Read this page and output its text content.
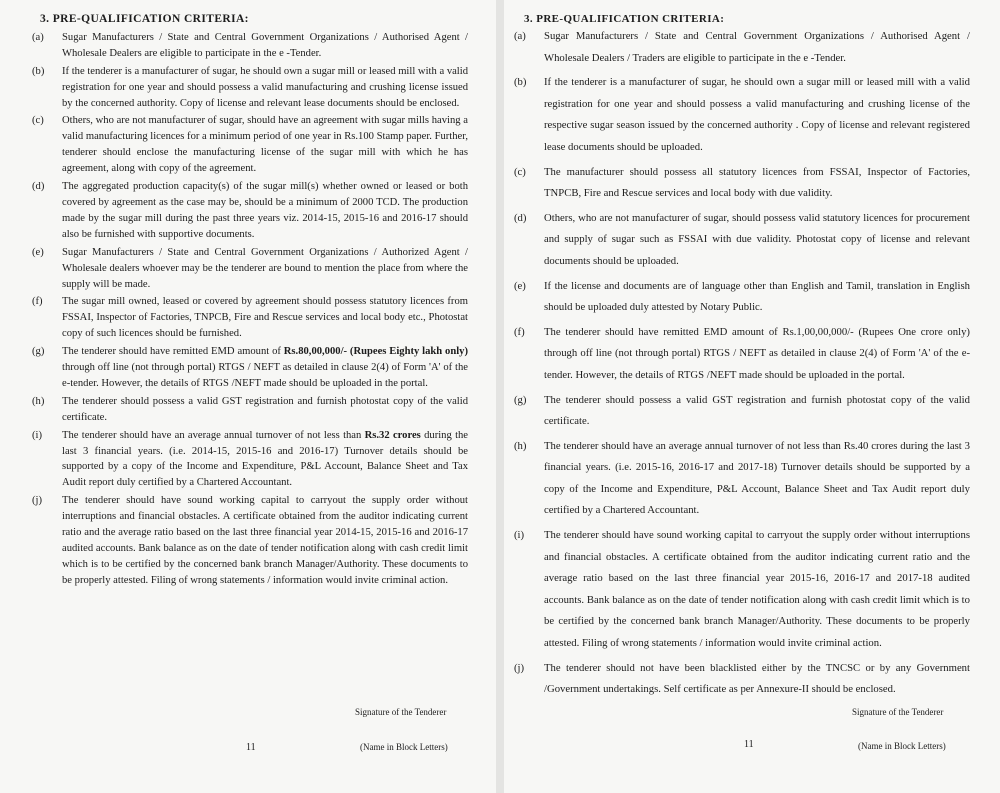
3. PRE-QUALIFICATION CRITERIA:
(a)	Sugar Manufacturers / State and Central Government Organizations / Authorised Agent / Wholesale Dealers are eligible to participate in the e -Tender.
(b)	If the tenderer is a manufacturer of sugar, he should own a sugar mill or leased mill with a valid registration for one year and should possess a valid manufacturing and crushing license issued by the concerned authority. Copy of license and relevant lease documents should be enclosed.
(c)	Others, who are not manufacturer of sugar, should have an agreement with sugar mills having a valid manufacturing licences for a minimum period of one year in Rs.100 Stamp paper. Further, tenderer should enclose the manufacturing license of the sugar mill with which he has agreement, along with copy of the agreement.
(d)	The aggregated production capacity(s) of the sugar mill(s) whether owned or leased or both covered by agreement as the case may be, should be a minimum of 2000 TCD. The production made by the sugar mill during the past three years viz. 2014-15, 2015-16 and 2016-17 should also be furnished with supportive documents.
(e)	Sugar Manufacturers / State and Central Government Organizations / Authorized Agent / Wholesale dealers whoever may be the tenderer are bound to mention the place from where the supply will be made.
(f)	The sugar mill owned, leased or covered by agreement should possess statutory licences from FSSAI, Inspector of Factories, TNPCB, Fire and Rescue services and local body etc., Photostat copy of such licences should be furnished.
(g)	The tenderer should have remitted EMD amount of Rs.80,00,000/- (Rupees Eighty lakh only) through off line (not through portal) RTGS / NEFT as detailed in clause 2(4) of Form 'A' of the e-tender. However, the details of RTGS /NEFT made should be uploaded in the portal.
(h)	The tenderer should possess a valid GST registration and furnish photostat copy of the valid certificate.
(i)	The tenderer should have an average annual turnover of not less than Rs.32 crores during the last 3 financial years. (i.e. 2014-15, 2015-16 and 2016-17) Turnover details should be supported by a copy of the Income and Expenditure, P&L Account, Balance Sheet and Tax Audit report duly certified by a Chartered Accountant.
(j)	The tenderer should have sound working capital to carryout the supply order without interruptions and financial obstacles. A certificate obtained from the auditor indicating current ratio and the average ratio based on the last three financial year 2014-15, 2015-16 and 2016-17 audited accounts. Bank balance as on the date of tender notification along with cash credit limit which is to be certified by the concerned bank branch Manager/Authority. These documents to be properly attested. Filing of wrong statements / information would invite criminal action.
Signature of the Tenderer
11	(Name in Block Letters)
3. PRE-QUALIFICATION CRITERIA:
(a)	Sugar Manufacturers / State and Central Government Organizations / Authorised Agent / Wholesale Dealers / Traders are eligible to participate in the e -Tender.
(b)	If the tenderer is a manufacturer of sugar, he should own a sugar mill or leased mill with a valid registration for one year and should possess a valid manufacturing and crushing license of the respective sugar season issued by the concerned authority . Copy of license and relevant registered lease documents should be uploaded.
(c)	The manufacturer should possess all statutory licences from FSSAI, Inspector of Factories, TNPCB, Fire and Rescue services and local body with due validity.
(d)	Others, who are not manufacturer of sugar, should possess valid statutory licences for procurement and supply of sugar such as FSSAI with due validity. Photostat copy of license and relevant documents should be uploaded.
(e)	If the license and documents are of language other than English and Tamil, translation in English should be uploaded duly attested by Notary Public.
(f)	The tenderer should have remitted EMD amount of Rs.1,00,00,000/- (Rupees One crore only) through off line (not through portal) RTGS / NEFT as detailed in clause 2(4) of Form 'A' of the e-tender. However, the details of RTGS /NEFT made should be uploaded in the portal.
(g)	The tenderer should possess a valid GST registration and furnish photostat copy of the valid certificate.
(h)	The tenderer should have an average annual turnover of not less than Rs.40 crores during the last 3 financial years. (i.e. 2015-16, 2016-17 and 2017-18) Turnover details should be supported by a copy of the Income and Expenditure, P&L Account, Balance Sheet and Tax Audit report duly certified by a Chartered Accountant.
(i)	The tenderer should have sound working capital to carryout the supply order without interruptions and financial obstacles. A certificate obtained from the auditor indicating current ratio and the average ratio based on the last three financial year 2015-16, 2016-17 and 2017-18 audited accounts. Bank balance as on the date of tender notification along with cash credit limit which is to be certified by the concerned bank branch Manager/Authority. These documents to be properly attested. Filing of wrong statements / information would invite criminal action.
(j)	The tenderer should not have been blacklisted either by the TNCSC or by any Government /Government undertakings. Self certificate as per Annexure-II should be enclosed.
Signature of the Tenderer
11	(Name in Block Letters)
